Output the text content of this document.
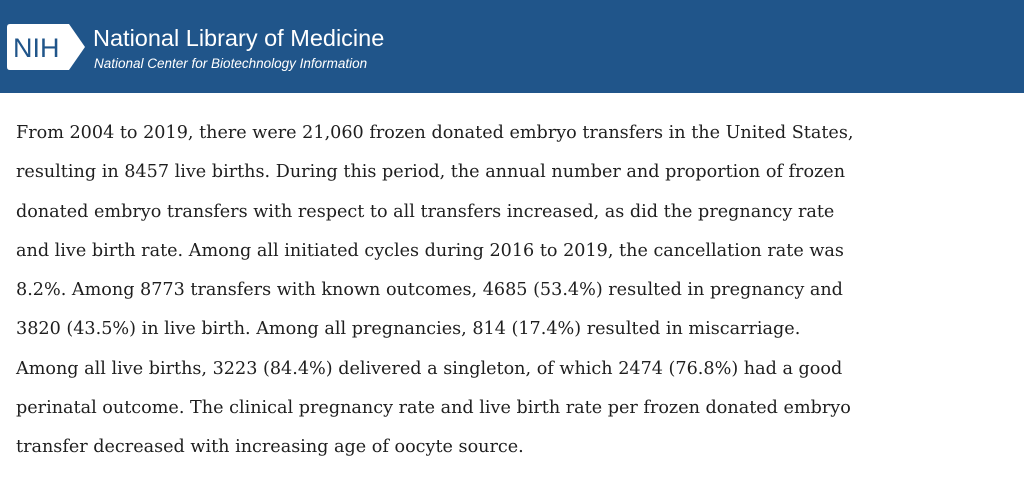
NIH National Library of Medicine
National Center for Biotechnology Information

From 2004 to 2019, there were 21,060 frozen donated embryo transfers in the United States,
resulting in 8457 live births. During this period, the annual number and proportion of frozen
donated embryo transfers with respect to all transfers increased, as did the pregnancy rate
and live birth rate. Among all initiated cycles during 2016 to 2019, the cancellation rate was
8.2%. Among 8773 transfers with known outcomes, 4685 (53.4%) resulted in pregnancy and
3820 (43.5%) in live birth. Among all pregnancies, 814 (17.4%) resulted in miscarriage.
Among all live births, 3223 (84.4%) delivered a singleton, of which 2474 (76.8%) had a good
perinatal outcome. The clinical pregnancy rate and live birth rate per frozen donated embryo
transfer decreased with increasing age of oocyte source.
